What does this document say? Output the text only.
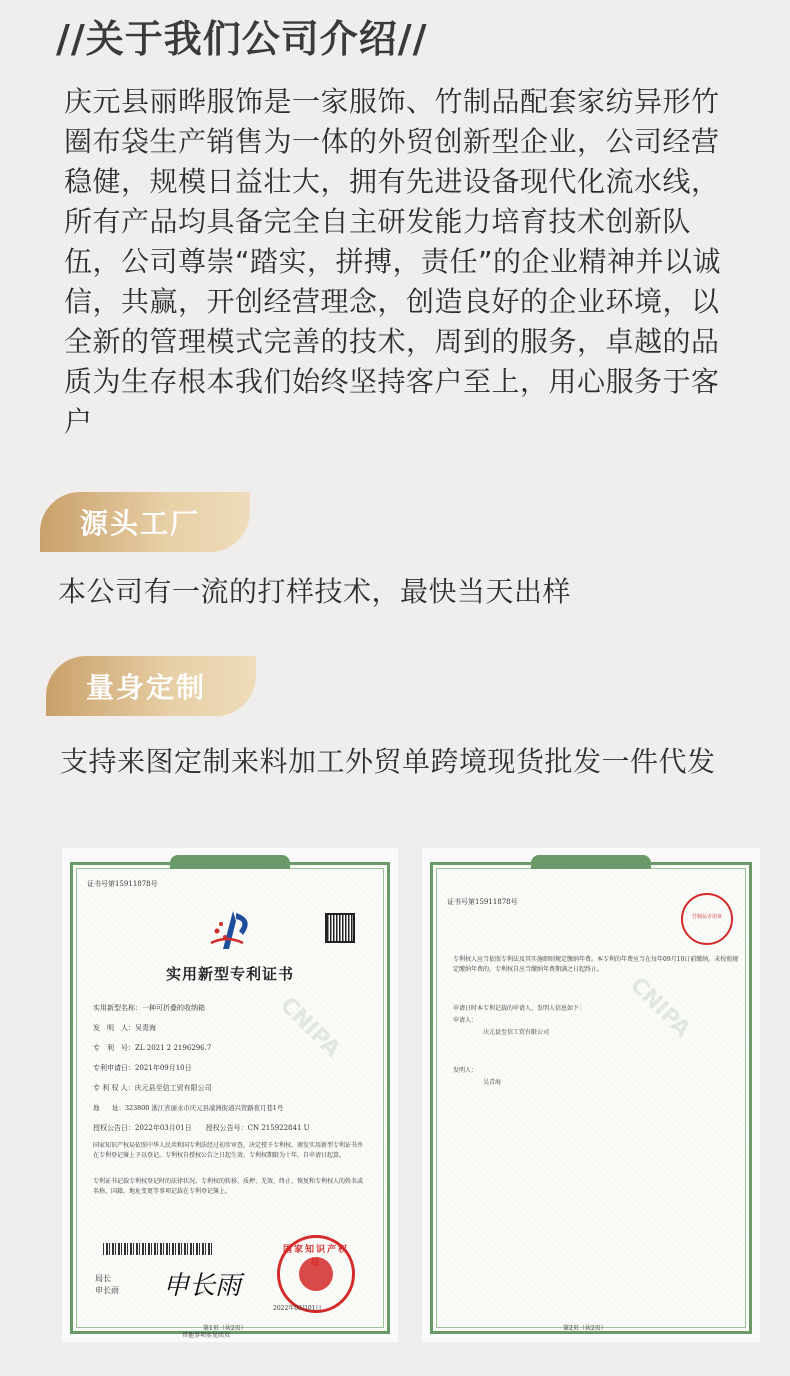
//关于我们公司介绍//

庆元县丽晔服饰是一家服饰、竹制品配套家纺异形竹圈布袋生产销售为一体的外贸创新型企业，公司经营稳健，规模日益壮大，拥有先进设备现代化流水线，所有产品均具备完全自主研发能力培育技术创新队伍，公司尊崇“踏实，拼搏，责任”的企业精神并以诚信，共赢，开创经营理念，创造良好的企业环境，以全新的管理模式完善的技术，周到的服务，卓越的品质为生存根本我们始终坚持客户至上，用心服务于客户

源头工厂

本公司有一流的打样技术，最快当天出样

量身定制

支持来图定制来料加工外贸单跨境现货批发一件代发

证书号第15911878号
实用新型专利证书
实用新型名称：一种可折叠的收纳箱
发　明　人：吴青海
专　利　号：ZL 2021 2 2196296.7
专利申请日：2021年09月10日
专 利 权 人：庆元县至信工贸有限公司
地　　址：323800 浙江省丽水市庆元县濛洲街道兴贸路夜月巷1号
授权公告日：2022年03月01日　　授权公告号：CN 215922841 U
国家知识产权局依照中华人民共和国专利法经过初步审查，决定授予专利权，颁发实用新型专利证书并在专利登记簿上予以登记。专利权自授权公告之日起生效。专利权期限为十年，自申请日起算。
专利证书记载专利权登记时的法律状况。专利权的转移、质押、无效、终止、恢复和专利权人的姓名或名称、国籍、地址变更等事项记载在专利登记簿上。
局长
申长雨 申长雨
国家知识产权
2022年03月01日
第1页（共2页）
CNIPA
其他事项参见续页
证书号第15911878号
竹制品专用章
专利权人应当依照专利法及其实施细则规定缴纳年费。本专利的年费应当在每年09月10日前缴纳。未按照规定缴纳年费的，专利权自应当缴纳年费期满之日起终止。
申请日时本专利记载的申请人、发明人信息如下：
申请人：
庆元县至信工贸有限公司
发明人：
吴青海
CNIPA
第2页（共2页）
